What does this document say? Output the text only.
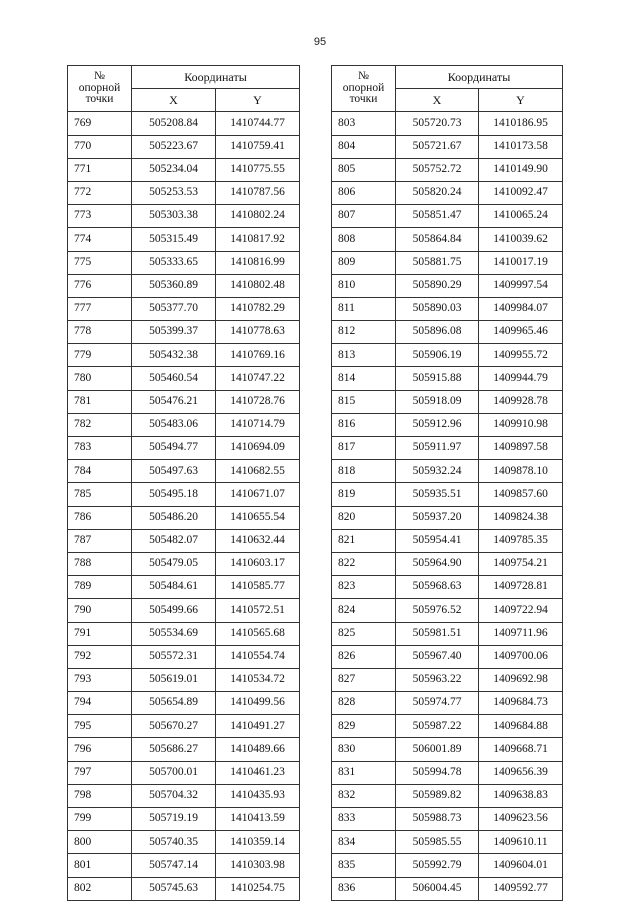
95
№
опорной
точки	Координаты	
	X	Y
769	505208.84	1410744.77
770	505223.67	1410759.41
771	505234.04	1410775.55
772	505253.53	1410787.56
773	505303.38	1410802.24
774	505315.49	1410817.92
775	505333.65	1410816.99
776	505360.89	1410802.48
777	505377.70	1410782.29
778	505399.37	1410778.63
779	505432.38	1410769.16
780	505460.54	1410747.22
781	505476.21	1410728.76
782	505483.06	1410714.79
783	505494.77	1410694.09
784	505497.63	1410682.55
785	505495.18	1410671.07
786	505486.20	1410655.54
787	505482.07	1410632.44
788	505479.05	1410603.17
789	505484.61	1410585.77
790	505499.66	1410572.51
791	505534.69	1410565.68
792	505572.31	1410554.74
793	505619.01	1410534.72
794	505654.89	1410499.56
795	505670.27	1410491.27
796	505686.27	1410489.66
797	505700.01	1410461.23
798	505704.32	1410435.93
799	505719.19	1410413.59
800	505740.35	1410359.14
801	505747.14	1410303.98
802	505745.63	1410254.75
№
опорной
точки	Координаты	
	X	Y
803	505720.73	1410186.95
804	505721.67	1410173.58
805	505752.72	1410149.90
806	505820.24	1410092.47
807	505851.47	1410065.24
808	505864.84	1410039.62
809	505881.75	1410017.19
810	505890.29	1409997.54
811	505890.03	1409984.07
812	505896.08	1409965.46
813	505906.19	1409955.72
814	505915.88	1409944.79
815	505918.09	1409928.78
816	505912.96	1409910.98
817	505911.97	1409897.58
818	505932.24	1409878.10
819	505935.51	1409857.60
820	505937.20	1409824.38
821	505954.41	1409785.35
822	505964.90	1409754.21
823	505968.63	1409728.81
824	505976.52	1409722.94
825	505981.51	1409711.96
826	505967.40	1409700.06
827	505963.22	1409692.98
828	505974.77	1409684.73
829	505987.22	1409684.88
830	506001.89	1409668.71
831	505994.78	1409656.39
832	505989.82	1409638.83
833	505988.73	1409623.56
834	505985.55	1409610.11
835	505992.79	1409604.01
836	506004.45	1409592.77
